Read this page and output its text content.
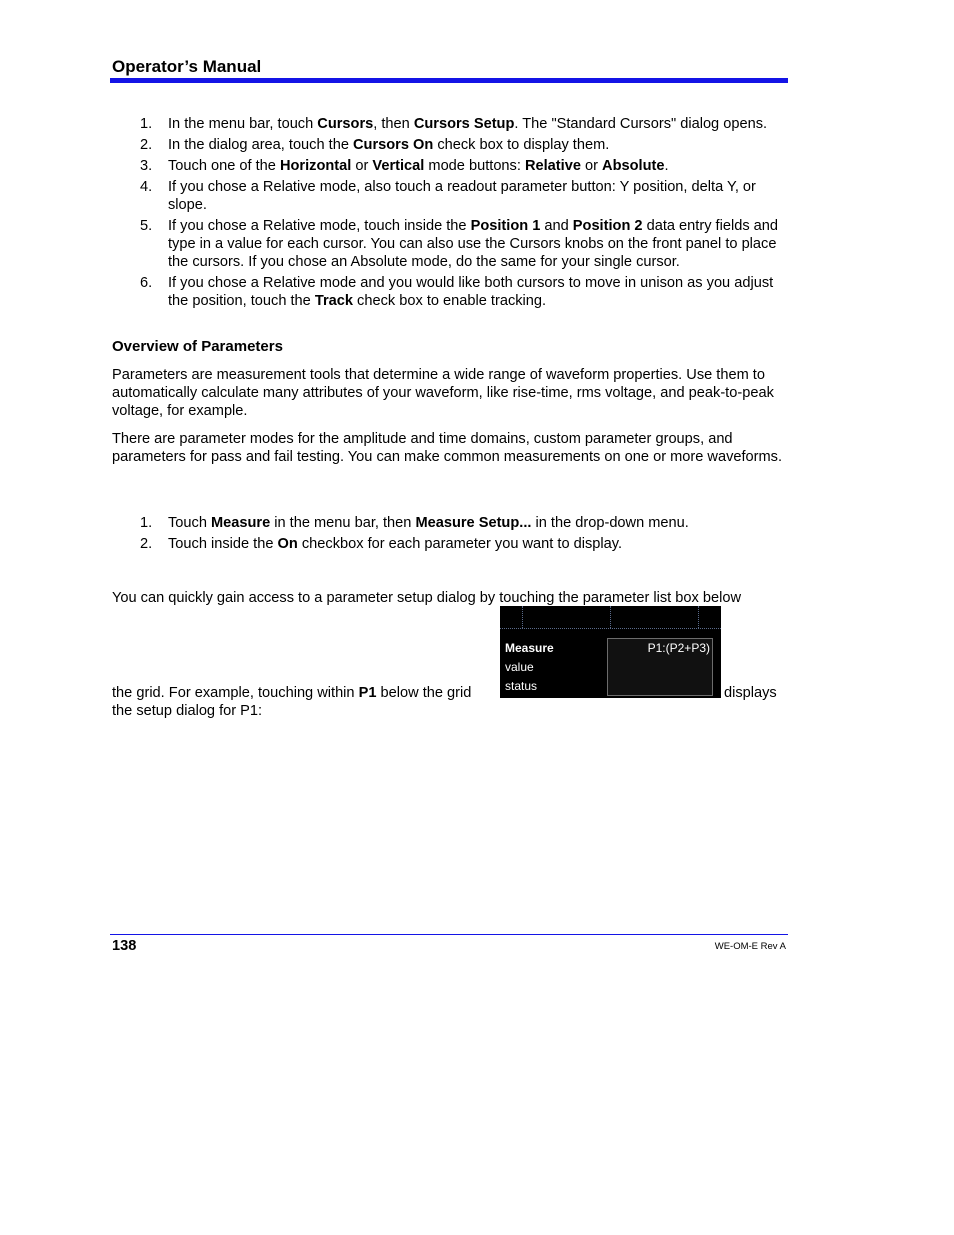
Operator’s Manual
1. In the menu bar, touch Cursors, then Cursors Setup. The "Standard Cursors" dialog opens.
2. In the dialog area, touch the Cursors On check box to display them.
3. Touch one of the Horizontal or Vertical mode buttons: Relative or Absolute.
4. If you chose a Relative mode, also touch a readout parameter button: Y position, delta Y, or slope.
5. If you chose a Relative mode, touch inside the Position 1 and Position 2 data entry fields and type in a value for each cursor. You can also use the Cursors knobs on the front panel to place the cursors. If you chose an Absolute mode, do the same for your single cursor.
6. If you chose a Relative mode and you would like both cursors to move in unison as you adjust the position, touch the Track check box to enable tracking.
Overview of Parameters

Parameters are measurement tools that determine a wide range of waveform properties. Use them to automatically calculate many attributes of your waveform, like rise-time, rms voltage, and peak-to-peak voltage, for example.

There are parameter modes for the amplitude and time domains, custom parameter groups, and parameters for pass and fail testing. You can make common measurements on one or more waveforms.

1. Touch Measure in the menu bar, then Measure Setup... in the drop-down menu.
2. Touch inside the On checkbox for each parameter you want to display.

You can quickly gain access to a parameter setup dialog by touching the parameter list box below

the grid. For example, touching within P1 below the grid	displays

the setup dialog for P1:

Measure
value
status
P1:(P2+P3)
138	WE-OM-E Rev A
